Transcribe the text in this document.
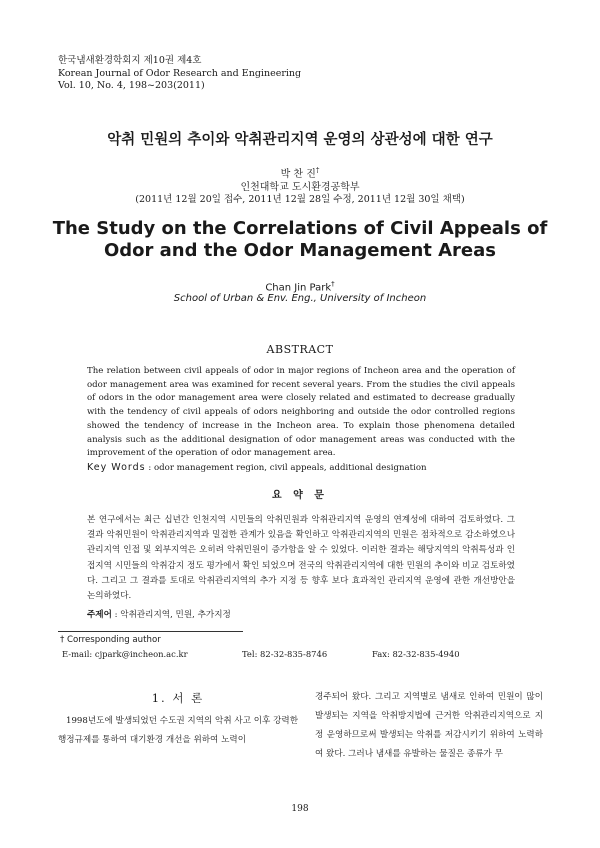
한국냄새환경학회지 제10권 제4호
Korean Journal of Odor Research and Engineering
Vol. 10, No. 4, 198~203(2011)
악취 민원의 추이와 악취관리지역 운영의 상관성에 대한 연구
박 찬 진†
인천대학교 도시환경공학부
(2011년 12월 20일 접수, 2011년 12월 28일 수정, 2011년 12월 30일 채택)
The Study on the Correlations of Civil Appeals of
Odor and the Odor Management Areas
Chan Jin Park†
School of Urban & Env. Eng., University of Incheon
ABSTRACT
The relation between civil appeals of odor in major regions of Incheon area and the operation of odor management area was examined for recent several years. From the studies the civil appeals of odors in the odor management area were closely related and estimated to decrease gradually with the tendency of civil appeals of odors neighboring and outside the odor controlled regions showed the tendency of increase in the Incheon area. To explain those phenomena detailed analysis such as the additional designation of odor management areas was conducted with the improvement of the operation of odor management area.
Key Words : odor management region, civil appeals, additional designation
요 약 문
본 연구에서는 최근 십년간 인천지역 시민들의 악취민원과 악취관리지역 운영의 연계성에 대하여 검토하였다. 그 결과 악취민원이 악취관리지역과 밀접한 관계가 있음을 확인하고 악취관리지역의 민원은 점차적으로 감소하였으나 관리지역 인접 및 외부지역은 오히려 악취민원이 증가함을 알 수 있었다. 이러한 결과는 해당지역의 악취특성과 인접지역 시민들의 악취감지 정도 평가에서 확인 되었으며 전국의 악취관리지역에 대한 민원의 추이와 비교 검토하였다. 그리고 그 결과를 토대로 악취관리지역의 추가 지정 등 향후 보다 효과적인 관리지역 운영에 관한 개선방안을 논의하였다.
주제어 : 악취관리지역, 민원, 추가지정
† Corresponding author
E-mail: cjpark@incheon.ac.kr	Tel: 82-32-835-8746	Fax: 82-32-835-4940
1. 서 론

1998년도에 발생되었던 수도권 지역의 악취 사고 이후 강력한 행정규제를 통하여 대기환경 개선을 위하여 노력이

경주되어 왔다. 그리고 지역별로 냄새로 인하여 민원이 많이 발생되는 지역을 악취방지법에 근거한 악취관리지역으로 지정 운영하므로써 발생되는 악취를 저감시키기 위하여 노력하여 왔다. 그러나 냄새를 유발하는 물질은 종류가 무

198
